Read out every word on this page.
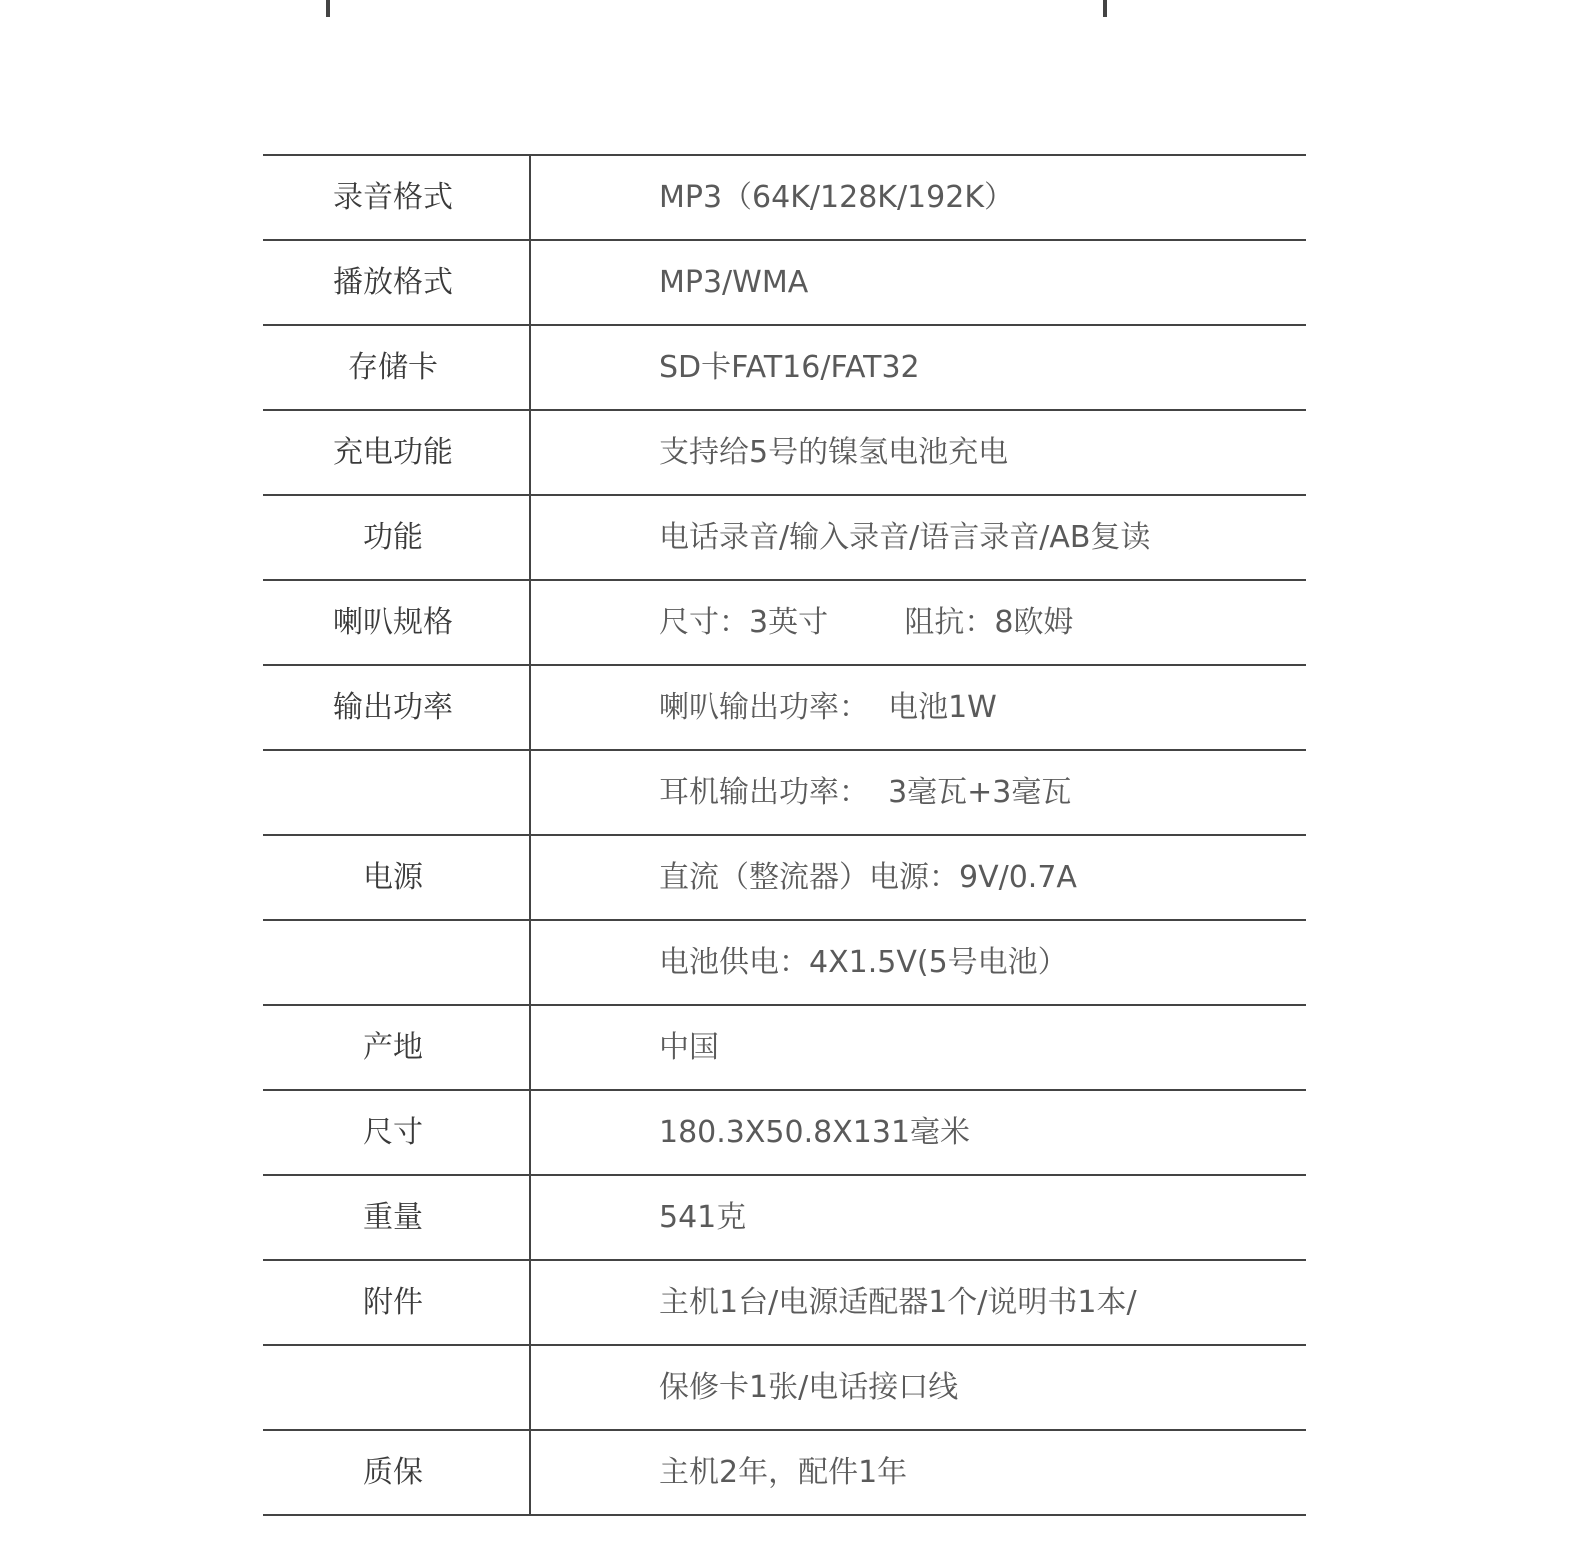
录音格式	MP3（64K/128K/192K）
播放格式	MP3/WMA
存储卡	SD卡FAT16/FAT32
充电功能	支持给5号的镍氢电池充电
功能	电话录音/输入录音/语言录音/AB复读
喇叭规格	尺寸：3英寸        阻抗：8欧姆
输出功率	喇叭输出功率：  电池1W
	耳机输出功率：  3毫瓦+3毫瓦
电源	直流（整流器）电源：9V/0.7A
	电池供电：4X1.5V(5号电池）
产地	中国
尺寸	180.3X50.8X131毫米
重量	541克
附件	主机1台/电源适配器1个/说明书1本/
	保修卡1张/电话接口线
质保	主机2年，配件1年
